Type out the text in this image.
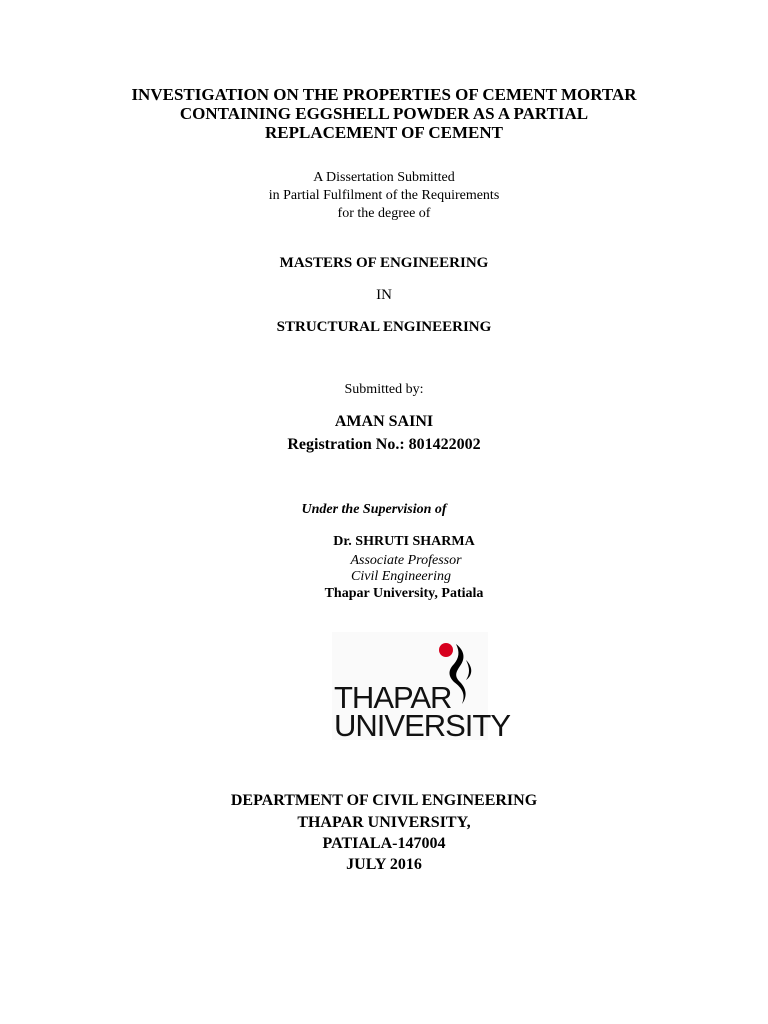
INVESTIGATION ON THE PROPERTIES OF CEMENT MORTAR
CONTAINING EGGSHELL POWDER AS A PARTIAL
REPLACEMENT OF CEMENT
A Dissertation Submitted
in Partial Fulfilment of the Requirements
for the degree of
MASTERS OF ENGINEERING
IN
STRUCTURAL ENGINEERING
Submitted by:
AMAN SAINI
Registration No.: 801422002
Under the Supervision of
Dr. SHRUTI SHARMA
Associate Professor
Civil Engineering
Thapar University, Patiala
THAPAR
UNIVERSITY
DEPARTMENT OF CIVIL ENGINEERING
THAPAR UNIVERSITY,
PATIALA-147004
JULY 2016
